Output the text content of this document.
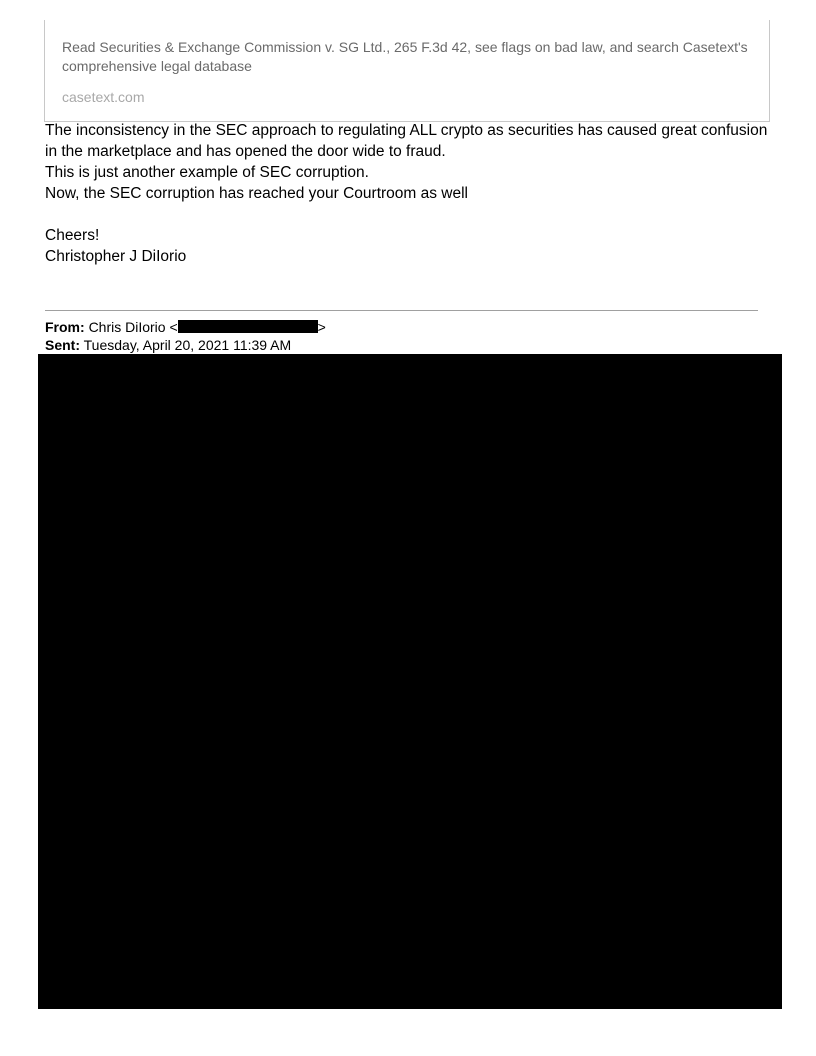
Read Securities & Exchange Commission v. SG Ltd., 265 F.3d 42, see flags on bad law, and search Casetext's comprehensive legal database

casetext.com

The inconsistency in the SEC approach to regulating ALL crypto as securities has caused great confusion in the marketplace and has opened the door wide to fraud.

This is just another example of SEC corruption.

Now, the SEC corruption has reached your Courtroom as well

Cheers!

Christopher J DiIorio

From: Chris DiIorio <	>
Sent: Tuesday, April 20, 2021 11:39 AM
